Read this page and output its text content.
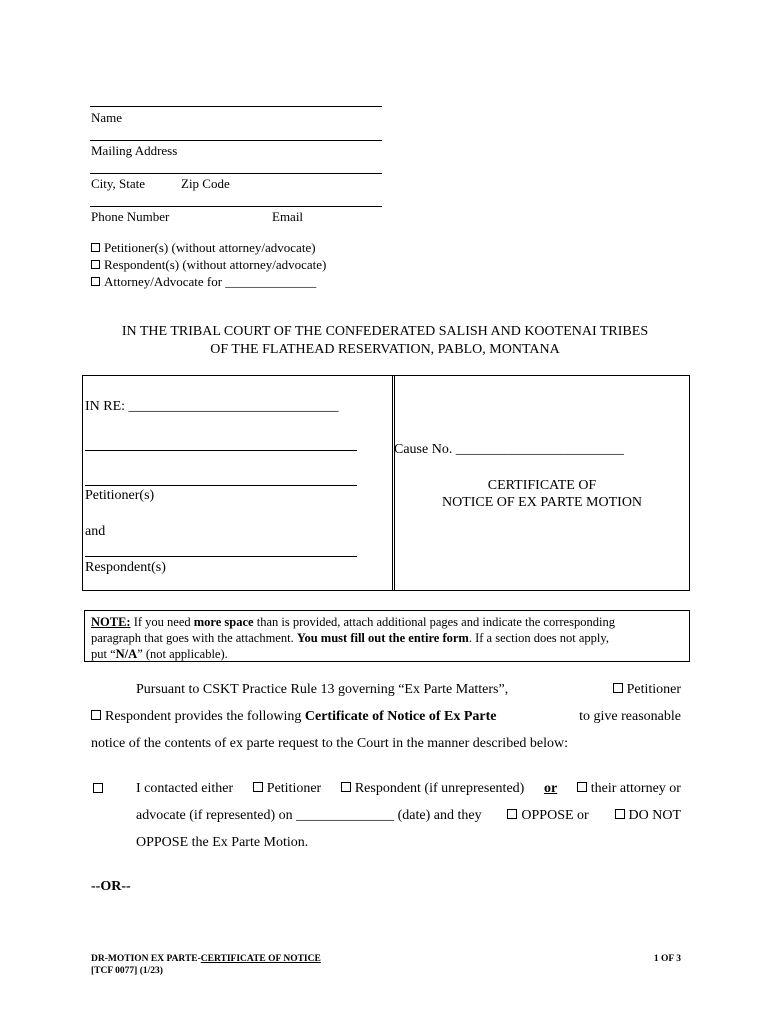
Name
Mailing Address
City, State	Zip Code
Phone Number	Email
Petitioner(s) (without attorney/advocate)
Respondent(s) (without attorney/advocate)
Attorney/Advocate for ______________
IN THE TRIBAL COURT OF THE CONFEDERATED SALISH AND KOOTENAI TRIBES
OF THE FLATHEAD RESERVATION, PABLO, MONTANA
IN RE: ______________________________
Petitioner(s)
and
Respondent(s)
Cause No. ________________________
CERTIFICATE OF
NOTICE OF EX PARTE MOTION
NOTE: If you need more space than is provided, attach additional pages and indicate the corresponding
paragraph that goes with the attachment. You must fill out the entire form. If a section does not apply,
put “N/A” (not applicable).
Pursuant to CSKT Practice Rule 13 governing “Ex Parte Matters”,	Petitioner
Respondent provides the following Certificate of Notice of Ex Parte	to give reasonable
notice of the contents of ex parte request to the Court in the manner described below:
I contacted either	Petitioner	Respondent (if unrepresented) or	their attorney or
advocate (if represented) on ______________ (date) and they	OPPOSE or	DO NOT
OPPOSE the Ex Parte Motion.
--OR--
DR-MOTION EX PARTE-CERTIFICATE OF NOTICE	1 OF 3
[TCF 0077] (1/23)
